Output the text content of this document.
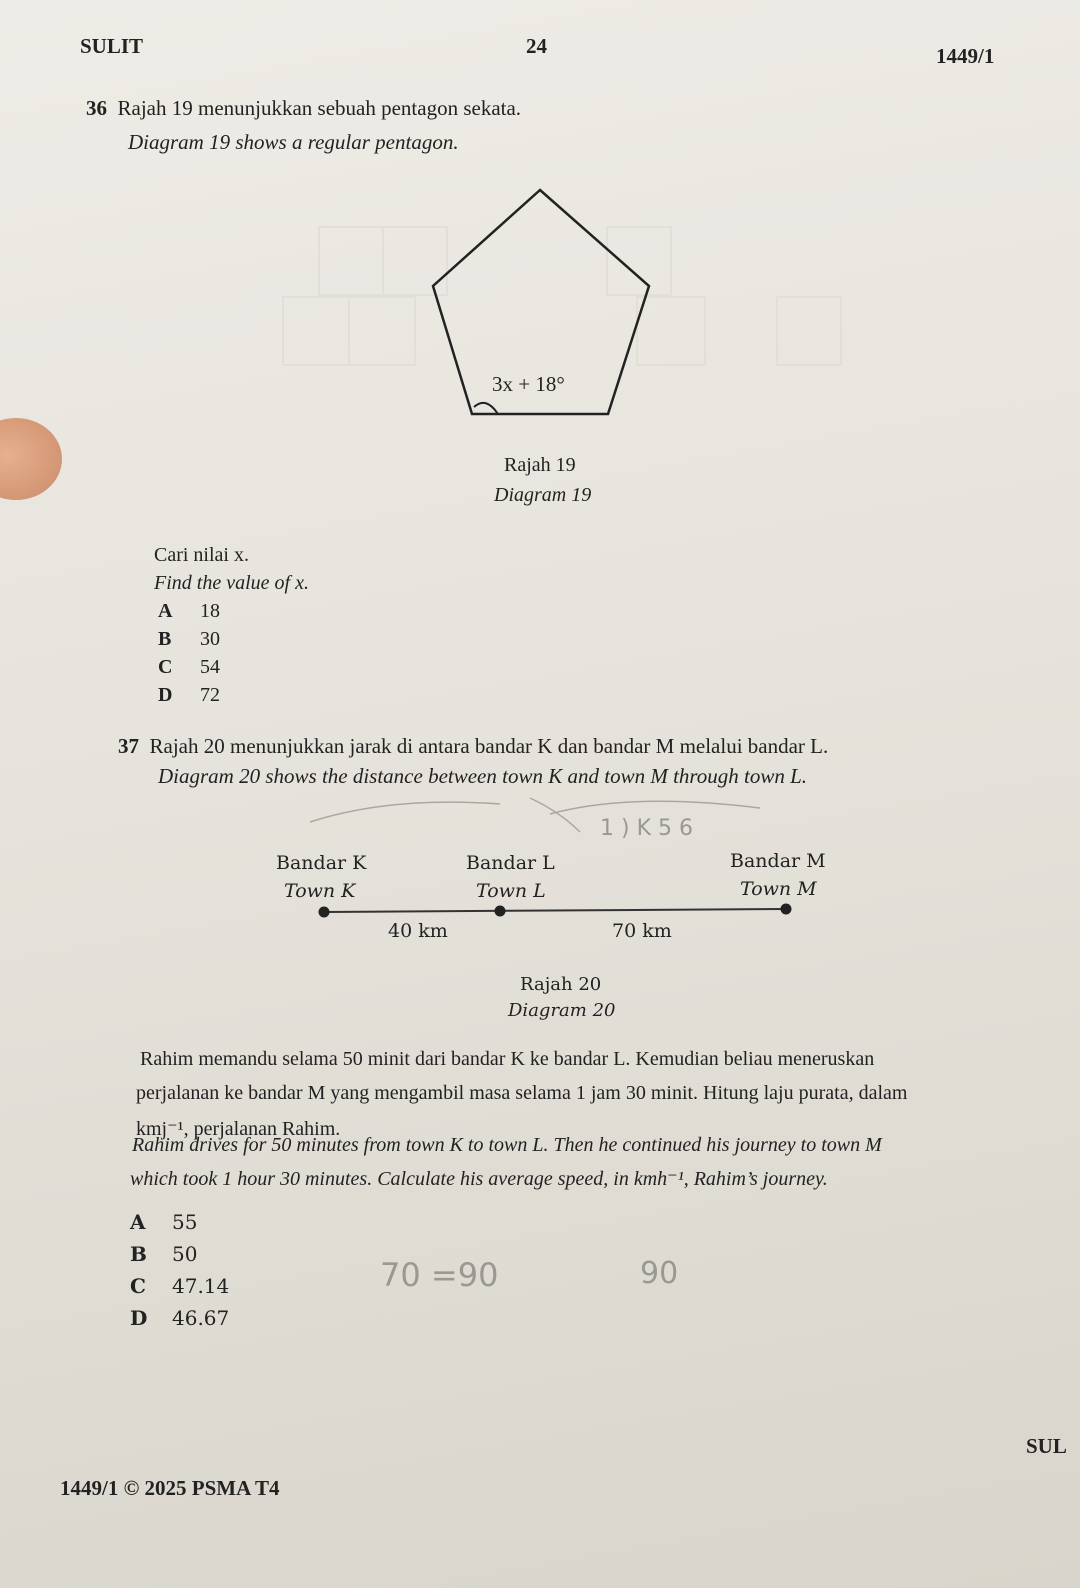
SULIT	24	1449/1
36 Rajah 19 menunjukkan sebuah pentagon sekata.
Diagram 19 shows a regular pentagon.
3x + 18°
Rajah 19
Diagram 19
Cari nilai x.
Find the value of x.
A 18
B 30
C 54
D 72
37 Rajah 20 menunjukkan jarak di antara bandar K dan bandar M melalui bandar L.
Diagram 20 shows the distance between town K and town M through town L.
1 ) K 5 6
Bandar K
Town K
Bandar L
Town L
Bandar M
Town M
40 km	70 km
Rajah 20
Diagram 20
Rahim memandu selama 50 minit dari bandar K ke bandar L. Kemudian beliau meneruskan
perjalanan ke bandar M yang mengambil masa selama 1 jam 30 minit. Hitung laju purata, dalam
kmj⁻¹, perjalanan Rahim.
Rahim drives for 50 minutes from town K to town L. Then he continued his journey to town M
which took 1 hour 30 minutes. Calculate his average speed, in kmh⁻¹, Rahim’s journey.
A 55
B 50
C 47.14
D 46.67
70 =90	90
SUL
1449/1 © 2025 PSMA T4
